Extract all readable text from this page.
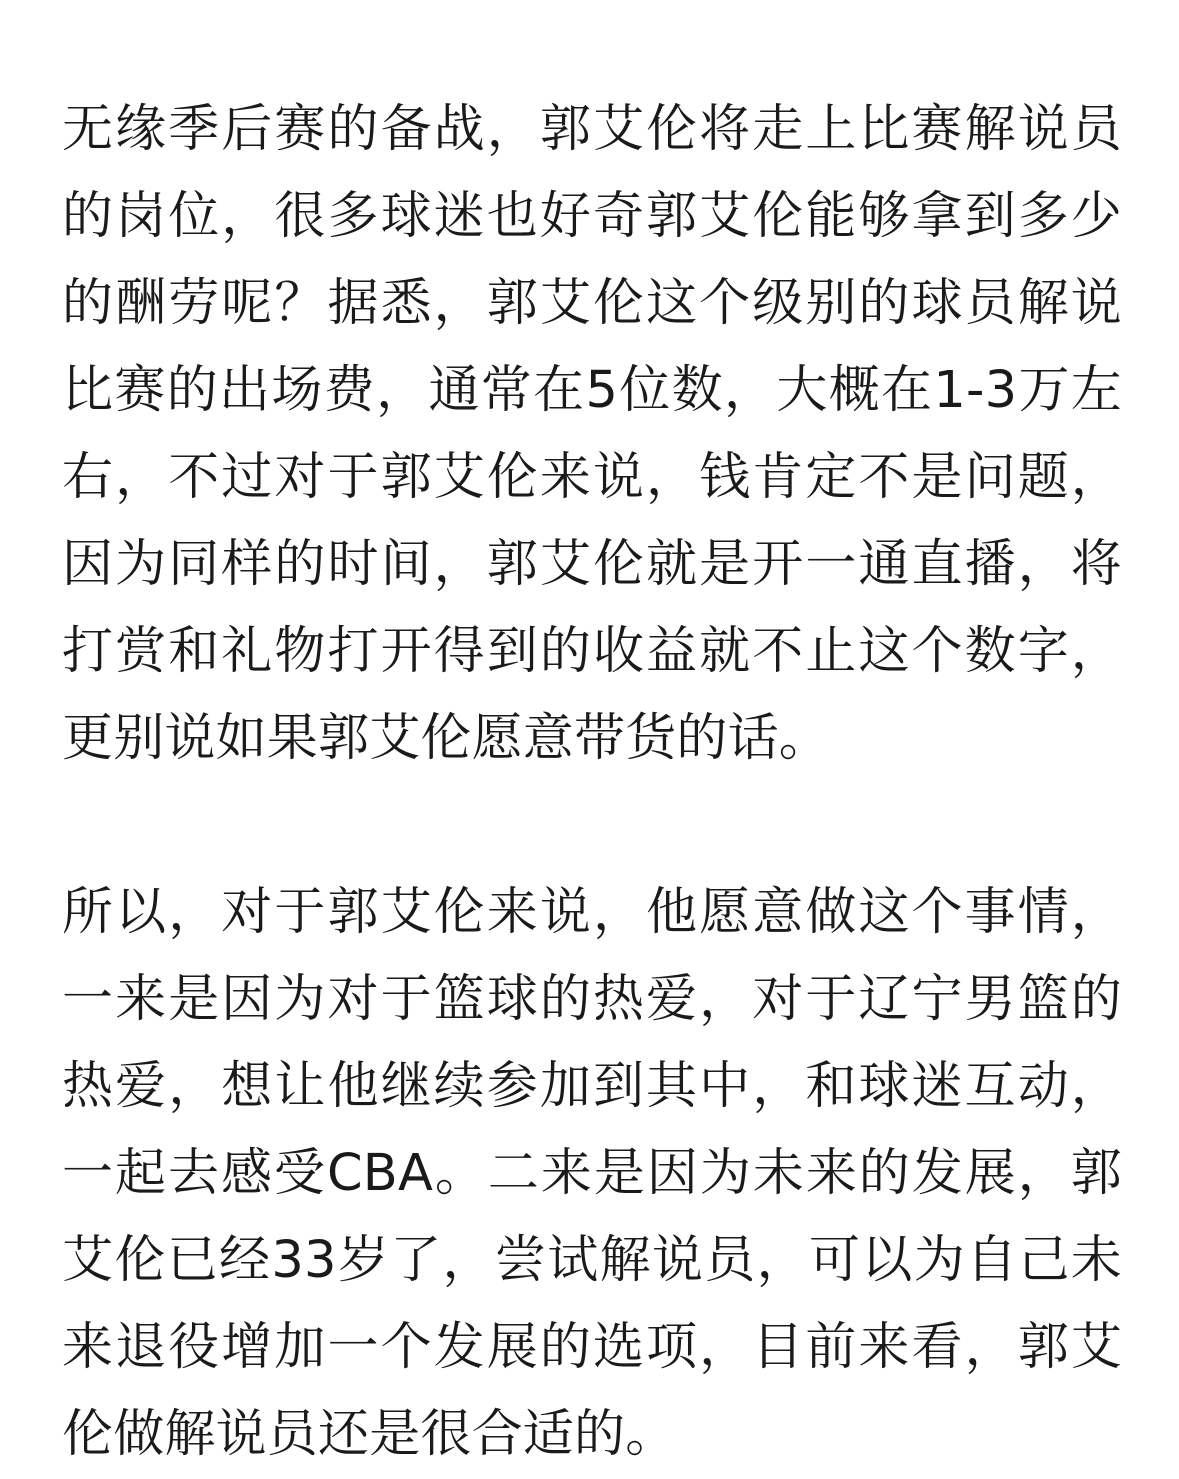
无缘季后赛的备战，郭艾伦将走上比赛解说员的岗位，很多球迷也好奇郭艾伦能够拿到多少的酬劳呢？据悉，郭艾伦这个级别的球员解说比赛的出场费，通常在5位数，大概在1-3万左右，不过对于郭艾伦来说，钱肯定不是问题，因为同样的时间，郭艾伦就是开一通直播，将打赏和礼物打开得到的收益就不止这个数字，更别说如果郭艾伦愿意带货的话。

所以，对于郭艾伦来说，他愿意做这个事情，一来是因为对于篮球的热爱，对于辽宁男篮的热爱，想让他继续参加到其中，和球迷互动，一起去感受CBA。二来是因为未来的发展，郭艾伦已经33岁了，尝试解说员，可以为自己未来退役增加一个发展的选项，目前来看，郭艾伦做解说员还是很合适的。
